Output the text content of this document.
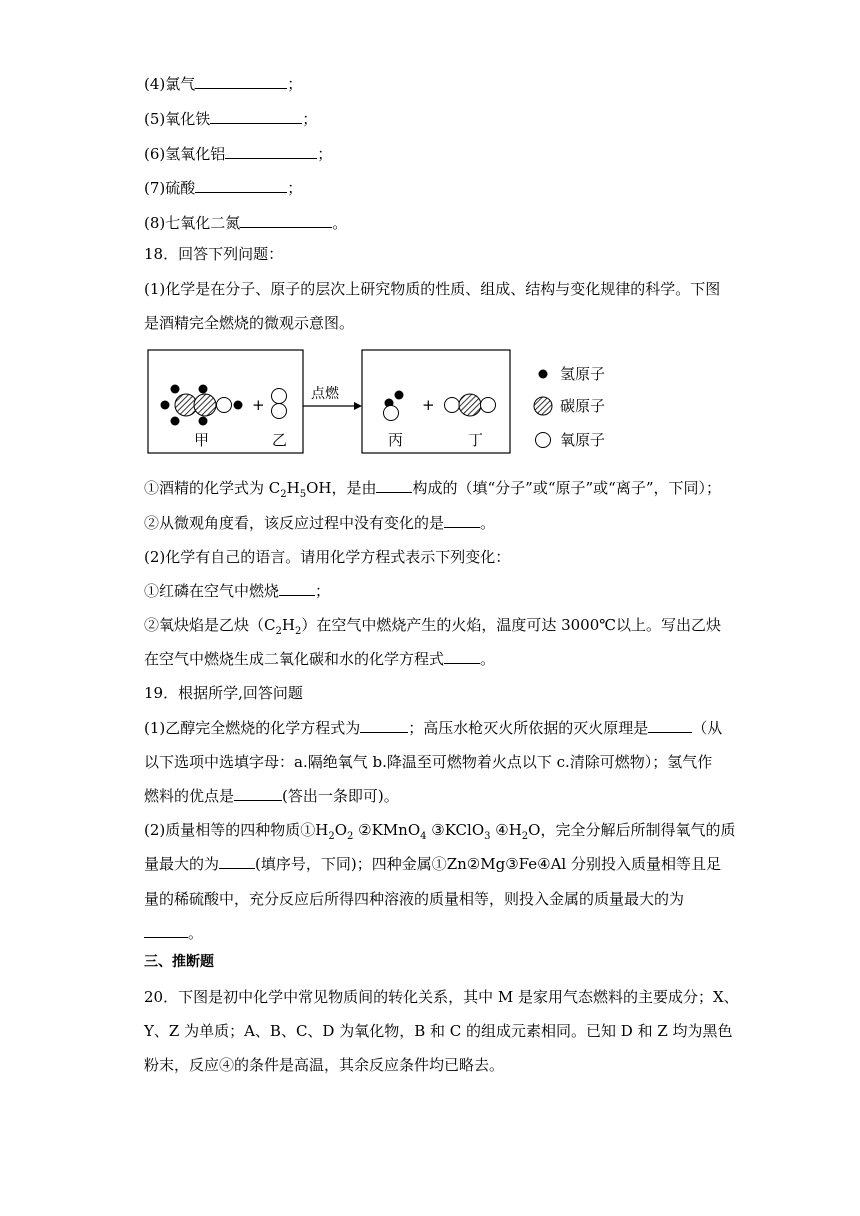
(4)氯气	；
(5)氧化铁	；
(6)氢氧化铝	；
(7)硫酸	；
(8)七氧化二氮	。
18．回答下列问题：
(1)化学是在分子、原子的层次上研究物质的性质、组成、结构与变化规律的科学。下图
是酒精完全燃烧的微观示意图。
+
甲	乙
点燃
+
丙	丁
氢原子
碳原子
氧原子
①酒精的化学式为 $C_2H_5OH$，是由 构成的（填“分子”或“原子”或“离子”，下同）；
②从微观角度看，该反应过程中没有变化的是 。
(2)化学有自己的语言。请用化学方程式表示下列变化：
①红磷在空气中燃烧 ；
②氧炔焰是乙炔$(C_2H_2)$在空气中燃烧产生的火焰，温度可达 3000℃以上。写出乙炔
在空气中燃烧生成二氧化碳和水的化学方程式 。
19．根据所学,回答问题
(1)乙醇完全燃烧的化学方程式为	；高压水枪灭火所依据的灭火原理是	（从
以下选项中选填字母：a.隔绝氧气 b.降温至可燃物着火点以下 c.清除可燃物）；氢气作
燃料的优点是	(答出一条即可)。
(2)质量相等的四种物质$①H_2O_2$ ②KMnO$_4$ ③KClO$_3$ $④H_2O$，完全分解后所制得氧气的质
量最大的为 (填序号，下同)；四种金属①Zn②Mg③Fe④Al 分别投入质量相等且足
量的稀硫酸中，充分反应后所得四种溶液的质量相等，则投入金属的质量最大的为
。
三、推断题
20．下图是初中化学中常见物质间的转化关系，其中 M 是家用气态燃料的主要成分；X、
Y、Z 为单质；A、B、C、D 为氧化物，B 和 C 的组成元素相同。已知 D 和 Z 均为黑色
粉末，反应④的条件是高温，其余反应条件均已略去。
